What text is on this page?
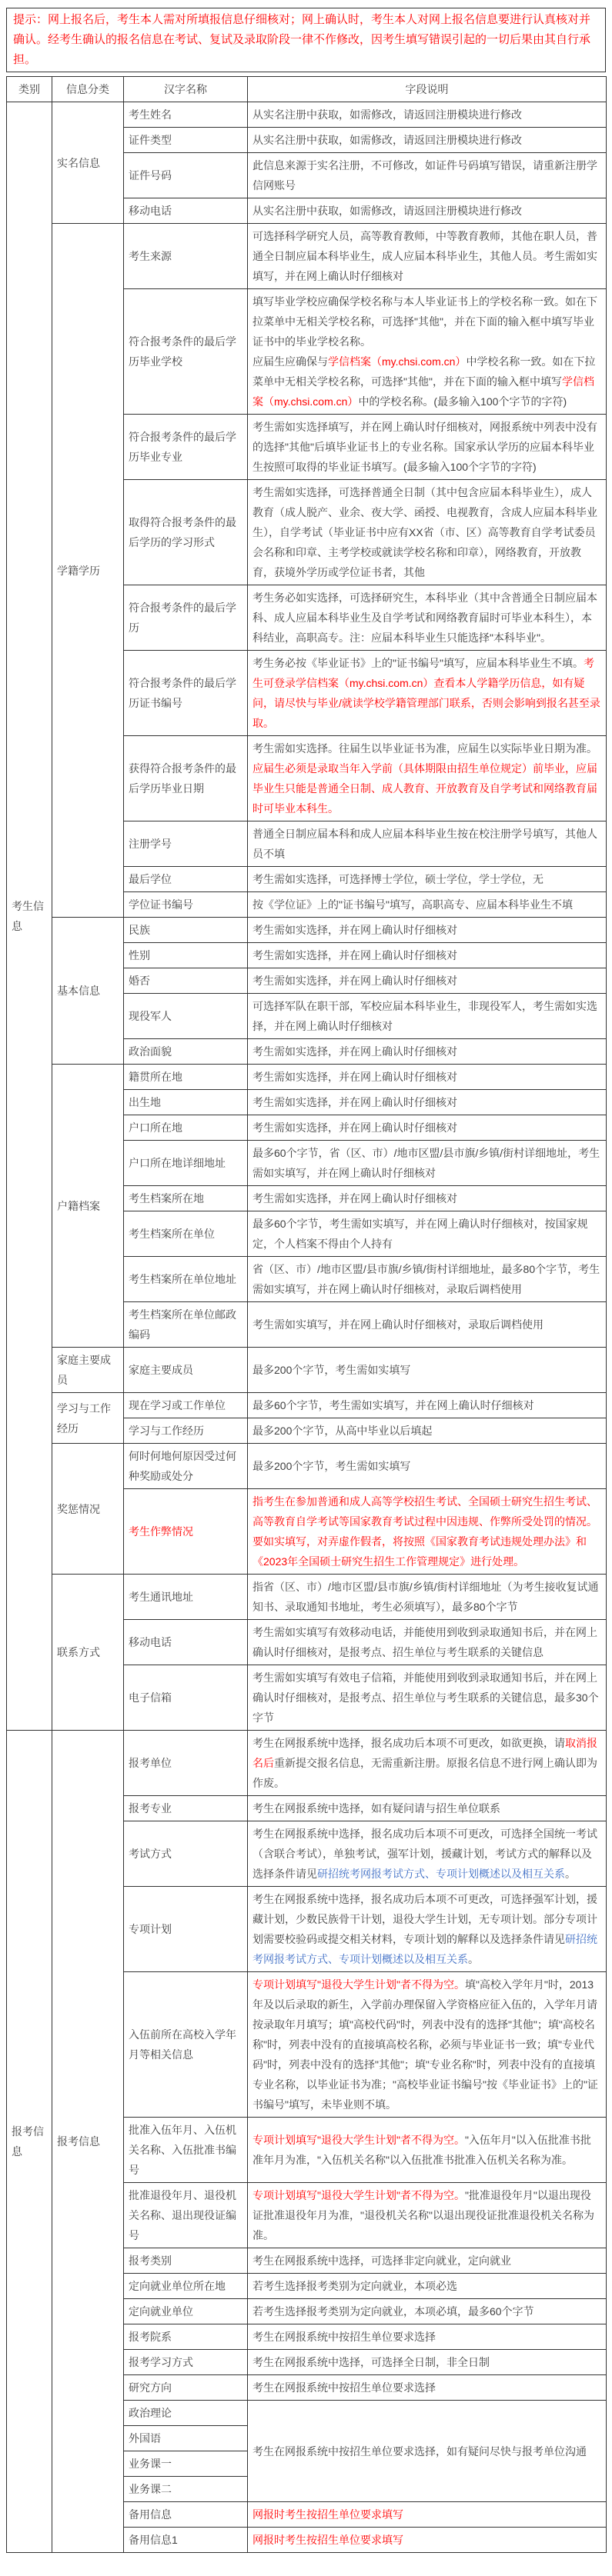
提示：网上报名后，考生本人需对所填报信息仔细核对；网上确认时，考生本人对网上报名信息要进行认真核对并确认。经考生确认的报名信息在考试、复试及录取阶段一律不作修改，因考生填写错误引起的一切后果由其自行承担。
类别	信息分类	汉字名称	字段说明
考生信息	实名信息	考生姓名	从实名注册中获取，如需修改，请返回注册模块进行修改
		证件类型	从实名注册中获取，如需修改，请返回注册模块进行修改
		证件号码	此信息来源于实名注册，不可修改，如证件号码填写错误，请重新注册学信网账号
		移动电话	从实名注册中获取，如需修改，请返回注册模块进行修改
	学籍学历	考生来源	可选择科学研究人员，高等教育教师，中等教育教师，其他在职人员，普通全日制应届本科毕业生，成人应届本科毕业生，其他人员。考生需如实填写，并在网上确认时仔细核对
		符合报考条件的最后学历毕业学校	填写毕业学校应确保学校名称与本人毕业证书上的学校名称一致。如在下拉菜单中无相关学校名称，可选择"其他"，并在下面的输入框中填写毕业证书中的毕业学校名称。
应届生应确保与学信档案（my.chsi.com.cn）中学校名称一致。如在下拉菜单中无相关学校名称，可选择"其他"，并在下面的输入框中填写学信档案（my.chsi.com.cn）中的学校名称。(最多输入100个字节的字符)
		符合报考条件的最后学历毕业专业	考生需如实选择填写，并在网上确认时仔细核对，网报系统中列表中没有的选择"其他"后填毕业证书上的专业名称。国家承认学历的应届本科毕业生按照可取得的毕业证书填写。(最多输入100个字节的字符)
		取得符合报考条件的最后学历的学习形式	考生需如实选择，可选择普通全日制（其中包含应届本科毕业生），成人教育（成人脱产、业余、夜大学、函授、电视教育，含成人应届本科毕业生），自学考试（毕业证书中应有XX省（市、区）高等教育自学考试委员会名称和印章、主考学校或就读学校名称和印章），网络教育，开放教育，获境外学历或学位证书者，其他
		符合报考条件的最后学历	考生务必如实选择，可选择研究生，本科毕业（其中含普通全日制应届本科、成人应届本科毕业生及自学考试和网络教育届时可毕业本科生），本科结业，高职高专。注：应届本科毕业生只能选择"本科毕业"。
		符合报考条件的最后学历证书编号	考生务必按《毕业证书》上的"证书编号"填写，应届本科毕业生不填。考生可登录学信档案（my.chsi.com.cn）查看本人学籍学历信息，如有疑问，请尽快与毕业/就读学校学籍管理部门联系，否则会影响到报名甚至录取。
		获得符合报考条件的最后学历毕业日期	考生需如实选择。往届生以毕业证书为准，应届生以实际毕业日期为准。应届生必须是录取当年入学前（具体期限由招生单位规定）前毕业，应届毕业生只能是普通全日制、成人教育、开放教育及自学考试和网络教育届时可毕业本科生。
		注册学号	普通全日制应届本科和成人应届本科毕业生按在校注册学号填写，其他人员不填
		最后学位	考生需如实选择，可选择博士学位，硕士学位，学士学位，无
		学位证书编号	按《学位证》上的"证书编号"填写，高职高专、应届本科毕业生不填
	基本信息	民族	考生需如实选择，并在网上确认时仔细核对
		性别	考生需如实选择，并在网上确认时仔细核对
		婚否	考生需如实选择，并在网上确认时仔细核对
		现役军人	可选择军队在职干部，军校应届本科毕业生，非现役军人，考生需如实选择，并在网上确认时仔细核对
		政治面貌	考生需如实选择，并在网上确认时仔细核对
	户籍档案	籍贯所在地	考生需如实选择，并在网上确认时仔细核对
		出生地	考生需如实选择，并在网上确认时仔细核对
		户口所在地	考生需如实选择，并在网上确认时仔细核对
		户口所在地详细地址	最多60个字节，省（区、市）/地市区盟/县市旗/乡镇/街村详细地址，考生需如实填写，并在网上确认时仔细核对
		考生档案所在地	考生需如实选择，并在网上确认时仔细核对
		考生档案所在单位	最多60个字节，考生需如实填写，并在网上确认时仔细核对，按国家规定，个人档案不得由个人持有
		考生档案所在单位地址	省（区、市）/地市区盟/县市旗/乡镇/街村详细地址，最多80个字节，考生需如实填写，并在网上确认时仔细核对，录取后调档使用
		考生档案所在单位邮政编码	考生需如实填写，并在网上确认时仔细核对，录取后调档使用
	家庭主要成员	家庭主要成员	最多200个字节，考生需如实填写
	学习与工作经历	现在学习或工作单位	最多60个字节，考生需如实填写，并在网上确认时仔细核对
		学习与工作经历	最多200个字节，从高中毕业以后填起
	奖惩情况	何时何地何原因受过何种奖励或处分	最多200个字节，考生需如实填写
		考生作弊情况	指考生在参加普通和成人高等学校招生考试、全国硕士研究生招生考试、高等教育自学考试等国家教育考试过程中因违规、作弊所受处罚的情况。要如实填写，对弄虚作假者，将按照《国家教育考试违规处理办法》和《2023年全国硕士研究生招生工作管理规定》进行处理。
	联系方式	考生通讯地址	指省（区、市）/地市区盟/县市旗/乡镇/街村详细地址（为考生接收复试通知书、录取通知书地址，考生必须填写），最多80个字节
		移动电话	考生需如实填写有效移动电话，并能使用到收到录取通知书后，并在网上确认时仔细核对，是报考点、招生单位与考生联系的关键信息
		电子信箱	考生需如实填写有效电子信箱，并能使用到收到录取通知书后，并在网上确认时仔细核对，是报考点、招生单位与考生联系的关键信息，最多30个字节
报考信息	报考信息	报考单位	考生在网报系统中选择，报名成功后本项不可更改，如欲更换，请取消报名后重新提交报名信息，无需重新注册。原报名信息不进行网上确认即为作废。
		报考专业	考生在网报系统中选择，如有疑问请与招生单位联系
		考试方式	考生在网报系统中选择，报名成功后本项不可更改，可选择全国统一考试（含联合考试），单独考试，强军计划，援藏计划，考试方式的解释以及选择条件请见研招统考网报考试方式、专项计划概述以及相互关系。
		专项计划	考生在网报系统中选择，报名成功后本项不可更改，可选择强军计划，援藏计划，少数民族骨干计划，退役大学生计划，无专项计划。部分专项计划需要校验码或提交相关材料，专项计划的解释以及选择条件请见研招统考网报考试方式、专项计划概述以及相互关系。
		入伍前所在高校入学年月等相关信息	专项计划填写"退役大学生计划"者不得为空。填"高校入学年月"时，2013年及以后录取的新生，入学前办理保留入学资格应征入伍的，入学年月请按录取年月填写；填"高校代码"时，列表中没有的选择"其他"；填"高校名称"时，列表中没有的直接填高校名称，必须与毕业证书一致；填"专业代码"时，列表中没有的选择"其他"；填"专业名称"时，列表中没有的直接填专业名称，以毕业证书为准；"高校毕业证书编号"按《毕业证书》上的"证书编号"填写，未毕业则不填。
		批准入伍年月、入伍机关名称、入伍批准书编号	专项计划填写"退役大学生计划"者不得为空。"入伍年月"以入伍批准书批准年月为准，"入伍机关名称"以入伍批准书批准入伍机关名称为准。
		批准退役年月、退役机关名称、退出现役证编号	专项计划填写"退役大学生计划"者不得为空。"批准退役年月"以退出现役证批准退役年月为准，"退役机关名称"以退出现役证批准退役机关名称为准。
		报考类别	考生在网报系统中选择，可选择非定向就业，定向就业
		定向就业单位所在地	若考生选择报考类别为定向就业，本项必选
		定向就业单位	若考生选择报考类别为定向就业，本项必填，最多60个字节
		报考院系	考生在网报系统中按招生单位要求选择
		报考学习方式	考生在网报系统中选择，可选择全日制，非全日制
		研究方向	考生在网报系统中按招生单位要求选择
		政治理论	考生在网报系统中按招生单位要求选择，如有疑问尽快与报考单位沟通
		外国语	
		业务课一	
		业务课二	
		备用信息	网报时考生按招生单位要求填写
		备用信息1	网报时考生按招生单位要求填写
